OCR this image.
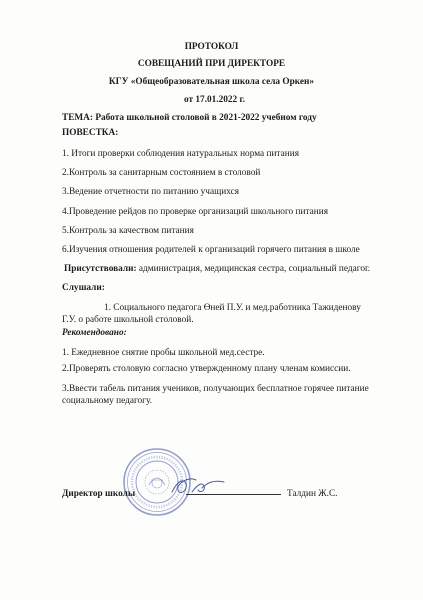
ПРОТОКОЛ
СОВЕЩАНИЙ ПРИ ДИРЕКТОРЕ
КГУ «Общеобразовательная школа села Оркен»
от 17.01.2022 г.
ТЕМА: Работа школьной столовой в 2021-2022 учебном году
ПОВЕСТКА:
1. Итоги проверки соблюдения натуральных норма питания
2.Контроль за санитарным состоянием в столовой
3.Ведение отчетности по питанию учащихся
4.Проведение рейдов по проверке организаций школьного питания
5.Контроль за качеством питания
6.Изучения отношения родителей к организаций горячего питания в школе
Присутствовали: администрация, медицинская сестра, социальный педагог.
Слушали:
1. Социального педагога Өней П.У. и мед.работника Тажиденову
Г.У. о работе школьной столовой.
Рекомендовано:
1. Ежедневное снятие пробы школьной мед.сестре.
2.Проверять столовую согласно утвержденному плану членам комиссии.
3.Ввести табель питания учеников, получающих бесплатное горячее питание
социальному педагогу.
Директор школы	Талдин Ж.С.
